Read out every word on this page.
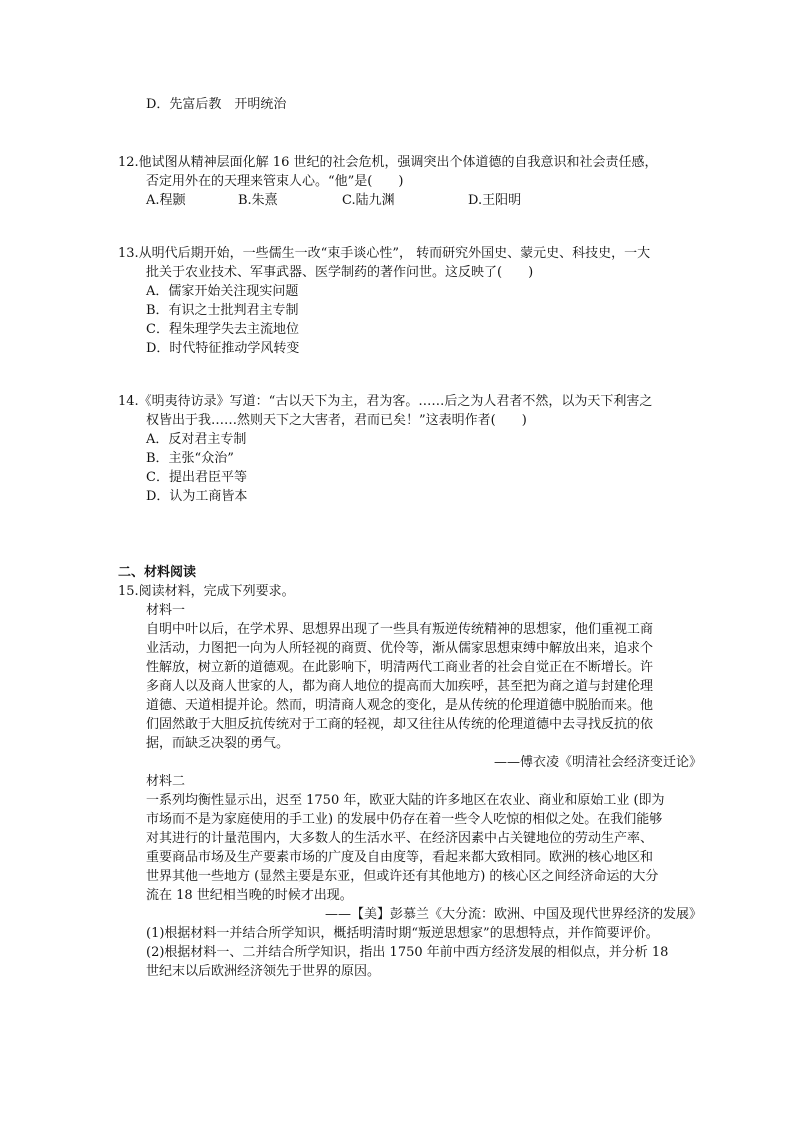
D．先富后教　开明统治
12.他试图从精神层面化解 16 世纪的社会危机，强调突出个体道德的自我意识和社会责任感，
否定用外在的天理来管束人心。“他”是(　　)
A.程颢	B.朱熹	C.陆九渊	D.王阳明
13.从明代后期开始，一些儒生一改“束手谈心性”， 转而研究外国史、蒙元史、科技史，一大
批关于农业技术、军事武器、医学制药的著作问世。这反映了(　　)
A．儒家开始关注现实问题
B．有识之士批判君主专制
C．程朱理学失去主流地位
D．时代特征推动学风转变
14.《明夷待访录》写道：“古以天下为主，君为客。……后之为人君者不然，以为天下利害之
权皆出于我……然则天下之大害者，君而已矣！”这表明作者(　　)
A．反对君主专制
B．主张“众治”
C．提出君臣平等
D．认为工商皆本
二、材料阅读
15.阅读材料，完成下列要求。
材料一
自明中叶以后，在学术界、思想界出现了一些具有叛逆传统精神的思想家，他们重视工商
业活动，力图把一向为人所轻视的商贾、优伶等，渐从儒家思想束缚中解放出来，追求个
性解放，树立新的道德观。在此影响下，明清两代工商业者的社会自觉正在不断增长。许
多商人以及商人世家的人，都为商人地位的提高而大加疾呼，甚至把为商之道与封建伦理
道德、天道相提并论。然而，明清商人观念的变化，是从传统的伦理道德中脱胎而来。他
们固然敢于大胆反抗传统对于工商的轻视，却又往往从传统的伦理道德中去寻找反抗的依
据，而缺乏决裂的勇气。
——傅衣凌《明清社会经济变迁论》
材料二
一系列均衡性显示出，迟至 1750 年，欧亚大陆的许多地区在农业、商业和原始工业 (即为
市场而不是为家庭使用的手工业) 的发展中仍存在着一些令人吃惊的相似之处。在我们能够
对其进行的计量范围内，大多数人的生活水平、在经济因素中占关键地位的劳动生产率、
重要商品市场及生产要素市场的广度及自由度等，看起来都大致相同。欧洲的核心地区和
世界其他一些地方 (显然主要是东亚，但或许还有其他地方) 的核心区之间经济命运的大分
流在 18 世纪相当晚的时候才出现。
——【美】彭慕兰《大分流：欧洲、中国及现代世界经济的发展》
(1)根据材料一并结合所学知识，概括明清时期“叛逆思想家”的思想特点，并作简要评价。
(2)根据材料一、二并结合所学知识，指出 1750 年前中西方经济发展的相似点，并分析 18
世纪末以后欧洲经济领先于世界的原因。
